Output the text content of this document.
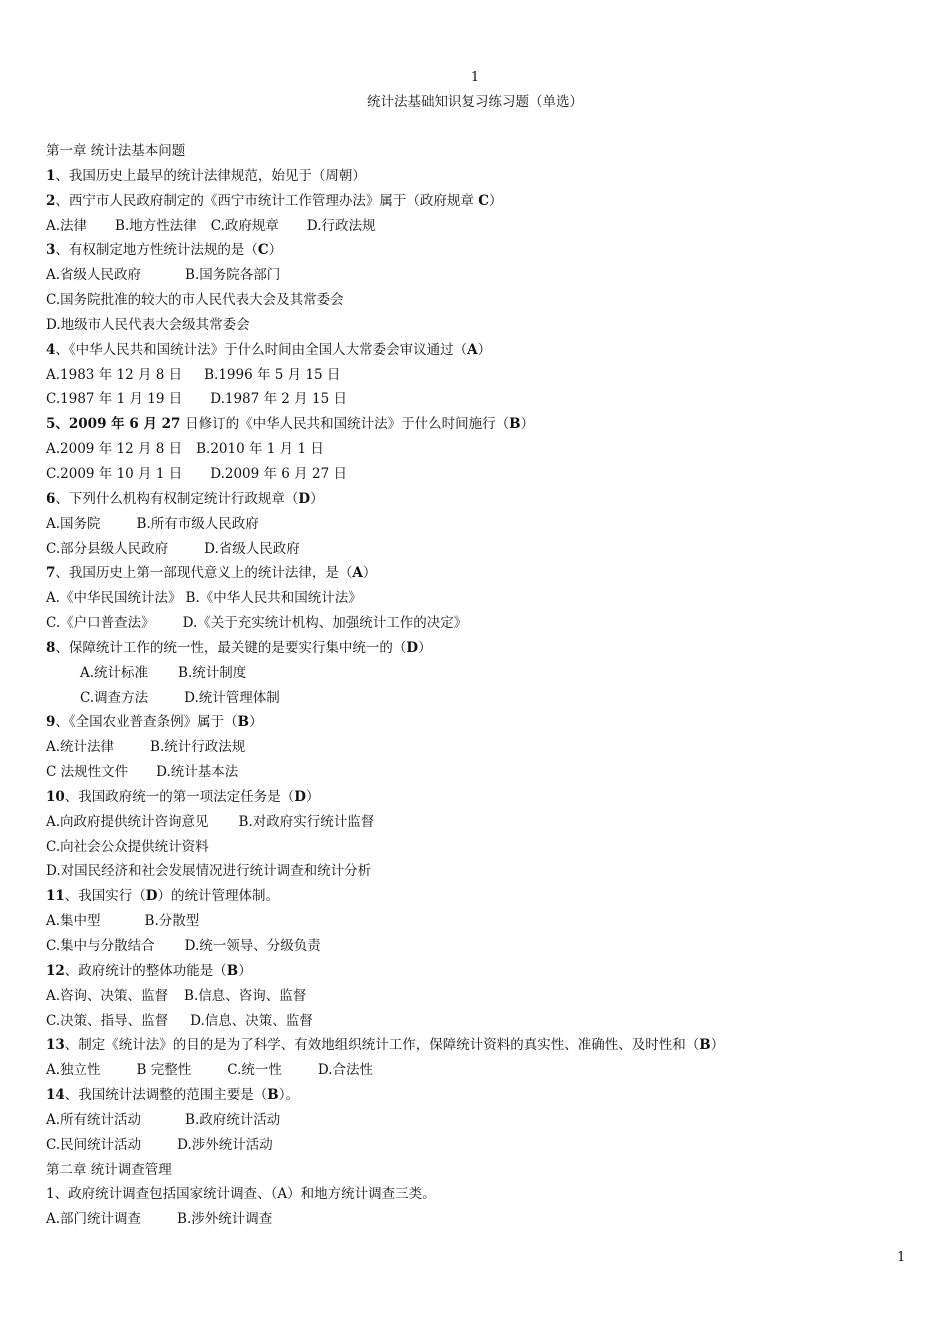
1
统计法基础知识复习练习题（单选）
第一章 统计法基本问题
1、我国历史上最早的统计法律规范，始见于（周朝）
2、西宁市人民政府制定的《西宁市统计工作管理办法》属于（政府规章 C）
A.法律 B.地方性法律 C.政府规章 D.行政法规
3、有权制定地方性统计法规的是（C）
A.省级人民政府	B.国务院各部门
C.国务院批准的较大的市人民代表大会及其常委会
D.地级市人民代表大会级其常委会
4、《中华人民共和国统计法》于什么时间由全国人大常委会审议通过（A）
A.1983 年 12 月 8 日 B.1996 年 5 月 15 日
C.1987 年 1 月 19 日 D.1987 年 2 月 15 日
5、2009 年 6 月 27 日修订的《中华人民共和国统计法》于什么时间施行（B）
A.2009 年 12 月 8 日 B.2010 年 1 月 1 日
C.2009 年 10 月 1 日 D.2009 年 6 月 27 日
6、下列什么机构有权制定统计行政规章（D）
A.国务院	B.所有市级人民政府
C.部分县级人民政府	D.省级人民政府
7、我国历史上第一部现代意义上的统计法律，是（A）
A.《中华民国统计法》 B.《中华人民共和国统计法》
C.《户口普查法》 D.《关于充实统计机构、加强统计工作的决定》
8、保障统计工作的统一性，最关键的是要实行集中统一的（D）
A.统计标准 B.统计制度
C.调查方法	D.统计管理体制
9、《全国农业普查条例》属于（B）
A.统计法律	B.统计行政法规
C 法规性文件 D.统计基本法
10、我国政府统一的第一项法定任务是（D）
A.向政府提供统计咨询意见 B.对政府实行统计监督
C.向社会公众提供统计资料
D.对国民经济和社会发展情况进行统计调查和统计分析
11、我国实行（D）的统计管理体制。
A.集中型	B.分散型
C.集中与分散结合 D.统一领导、分级负责
12、政府统计的整体功能是（B）
A.咨询、决策、监督 B.信息、咨询、监督
C.决策、指导、监督 D.信息、决策、监督
13、制定《统计法》的目的是为了科学、有效地组织统计工作，保障统计资料的真实性、准确性、及时性和（B）
A.独立性	B 完整性	C.统一性	D.合法性
14、我国统计法调整的范围主要是（B）。
A.所有统计活动	B.政府统计活动
C.民间统计活动	D.涉外统计活动
第二章 统计调查管理
1、政府统计调查包括国家统计调查、（A）和地方统计调查三类。
A.部门统计调查	B.涉外统计调查
1
